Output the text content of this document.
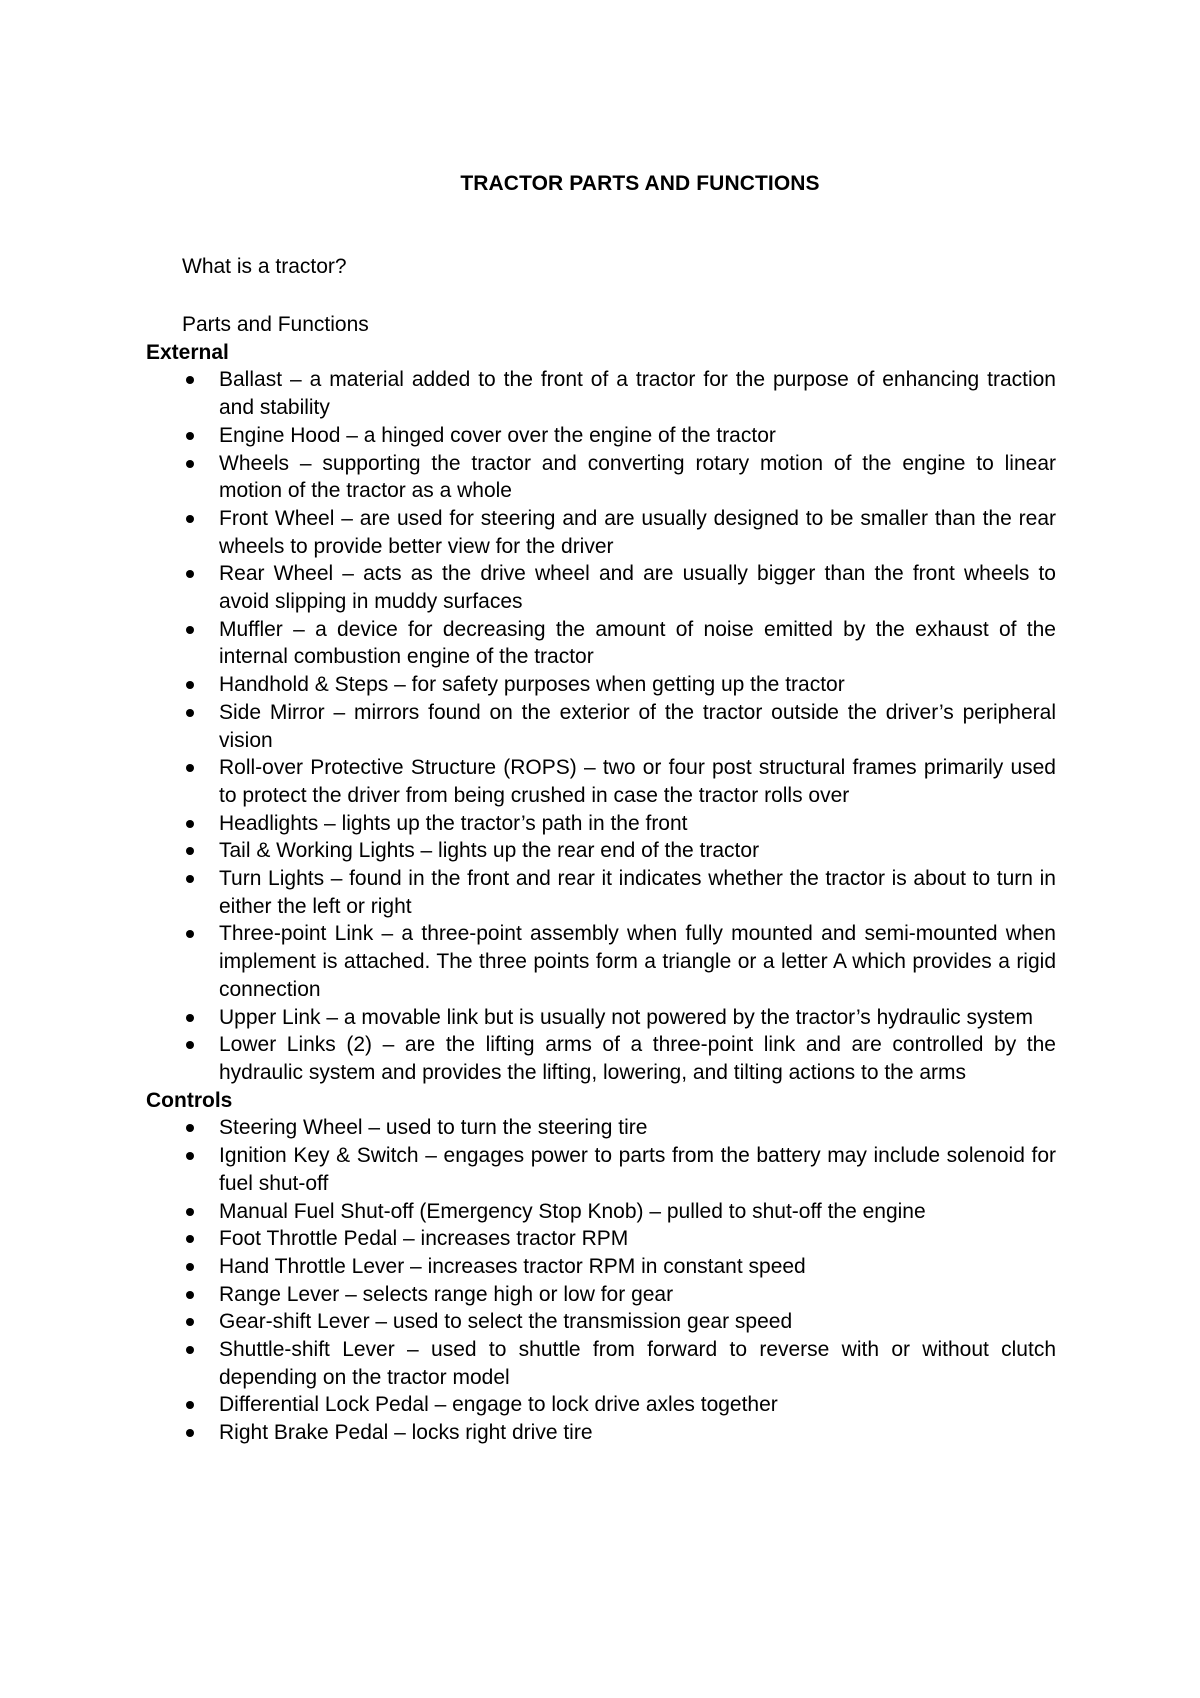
TRACTOR PARTS AND FUNCTIONS
What is a tractor?

Parts and Functions

External

Ballast – a material added to the front of a tractor for the purpose of enhancing traction and stability
Engine Hood – a hinged cover over the engine of the tractor
Wheels – supporting the tractor and converting rotary motion of the engine to linear motion of the tractor as a whole
Front Wheel – are used for steering and are usually designed to be smaller than the rear wheels to provide better view for the driver
Rear Wheel – acts as the drive wheel and are usually bigger than the front wheels to avoid slipping in muddy surfaces
Muffler – a device for decreasing the amount of noise emitted by the exhaust of the internal combustion engine of the tractor
Handhold & Steps – for safety purposes when getting up the tractor
Side Mirror – mirrors found on the exterior of the tractor outside the driver’s peripheral vision
Roll-over Protective Structure (ROPS) – two or four post structural frames primarily used to protect the driver from being crushed in case the tractor rolls over
Headlights – lights up the tractor’s path in the front
Tail & Working Lights – lights up the rear end of the tractor
Turn Lights – found in the front and rear it indicates whether the tractor is about to turn in either the left or right
Three-point Link – a three-point assembly when fully mounted and semi-mounted when implement is attached. The three points form a triangle or a letter A which provides a rigid connection
Upper Link – a movable link but is usually not powered by the tractor’s hydraulic system
Lower Links (2) – are the lifting arms of a three-point link and are controlled by the hydraulic system and provides the lifting, lowering, and tilting actions to the arms

Controls

Steering Wheel – used to turn the steering tire
Ignition Key & Switch – engages power to parts from the battery may include solenoid for fuel shut-off
Manual Fuel Shut-off (Emergency Stop Knob) – pulled to shut-off the engine
Foot Throttle Pedal – increases tractor RPM
Hand Throttle Lever – increases tractor RPM in constant speed
Range Lever – selects range high or low for gear
Gear-shift Lever – used to select the transmission gear speed
Shuttle-shift Lever – used to shuttle from forward to reverse with or without clutch depending on the tractor model
Differential Lock Pedal – engage to lock drive axles together
Right Brake Pedal – locks right drive tire
